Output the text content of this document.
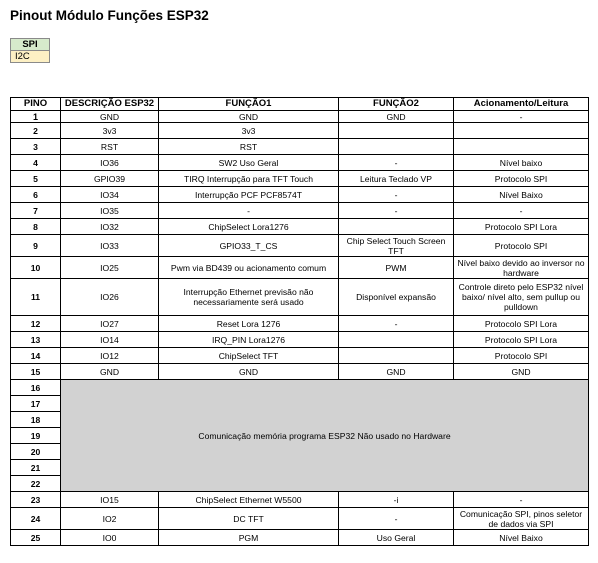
Pinout Módulo Funções ESP32
SPI
I2C
PINO	DESCRIÇÃO ESP32	FUNÇÃO1	FUNÇÃO2	Acionamento/Leitura
1	GND	GND	GND	-
2	3v3	3v3		
3	RST	RST		
4	IO36	SW2 Uso Geral	-	Nível baixo
5	GPIO39	TIRQ Interrupção para TFT Touch	Leitura Teclado VP	Protocolo SPI
6	IO34	Interrupção PCF PCF8574T	-	Nível Baixo
7	IO35	-	-	-
8	IO32	ChipSelect Lora1276		Protocolo SPI Lora
9	IO33	GPIO33_T_CS	Chip Select Touch Screen TFT	Protocolo SPI
10	IO25	Pwm via BD439 ou acionamento comum	PWM	Nível baixo devido ao inversor no hardware
11	IO26	Interrupção Ethernet previsão não necessariamente será usado	Disponível expansão	Controle direto pelo ESP32 nível baixo/ nível alto, sem pullup ou pulldown
12	IO27	Reset Lora 1276	-	Protocolo SPI Lora
13	IO14	IRQ_PIN Lora1276		Protocolo SPI Lora
14	IO12	ChipSelect TFT		Protocolo SPI
15	GND	GND	GND	GND
16	Comunicação memória programa ESP32 Não usado no Hardware			
17				
18				
19				
20				
21				
22				
23	IO15	ChipSelect Ethernet W5500	-i	-
24	IO2	DC TFT	-	Comunicação SPI, pinos seletor de dados via SPI
25	IO0	PGM	Uso Geral	Nível Baixo
